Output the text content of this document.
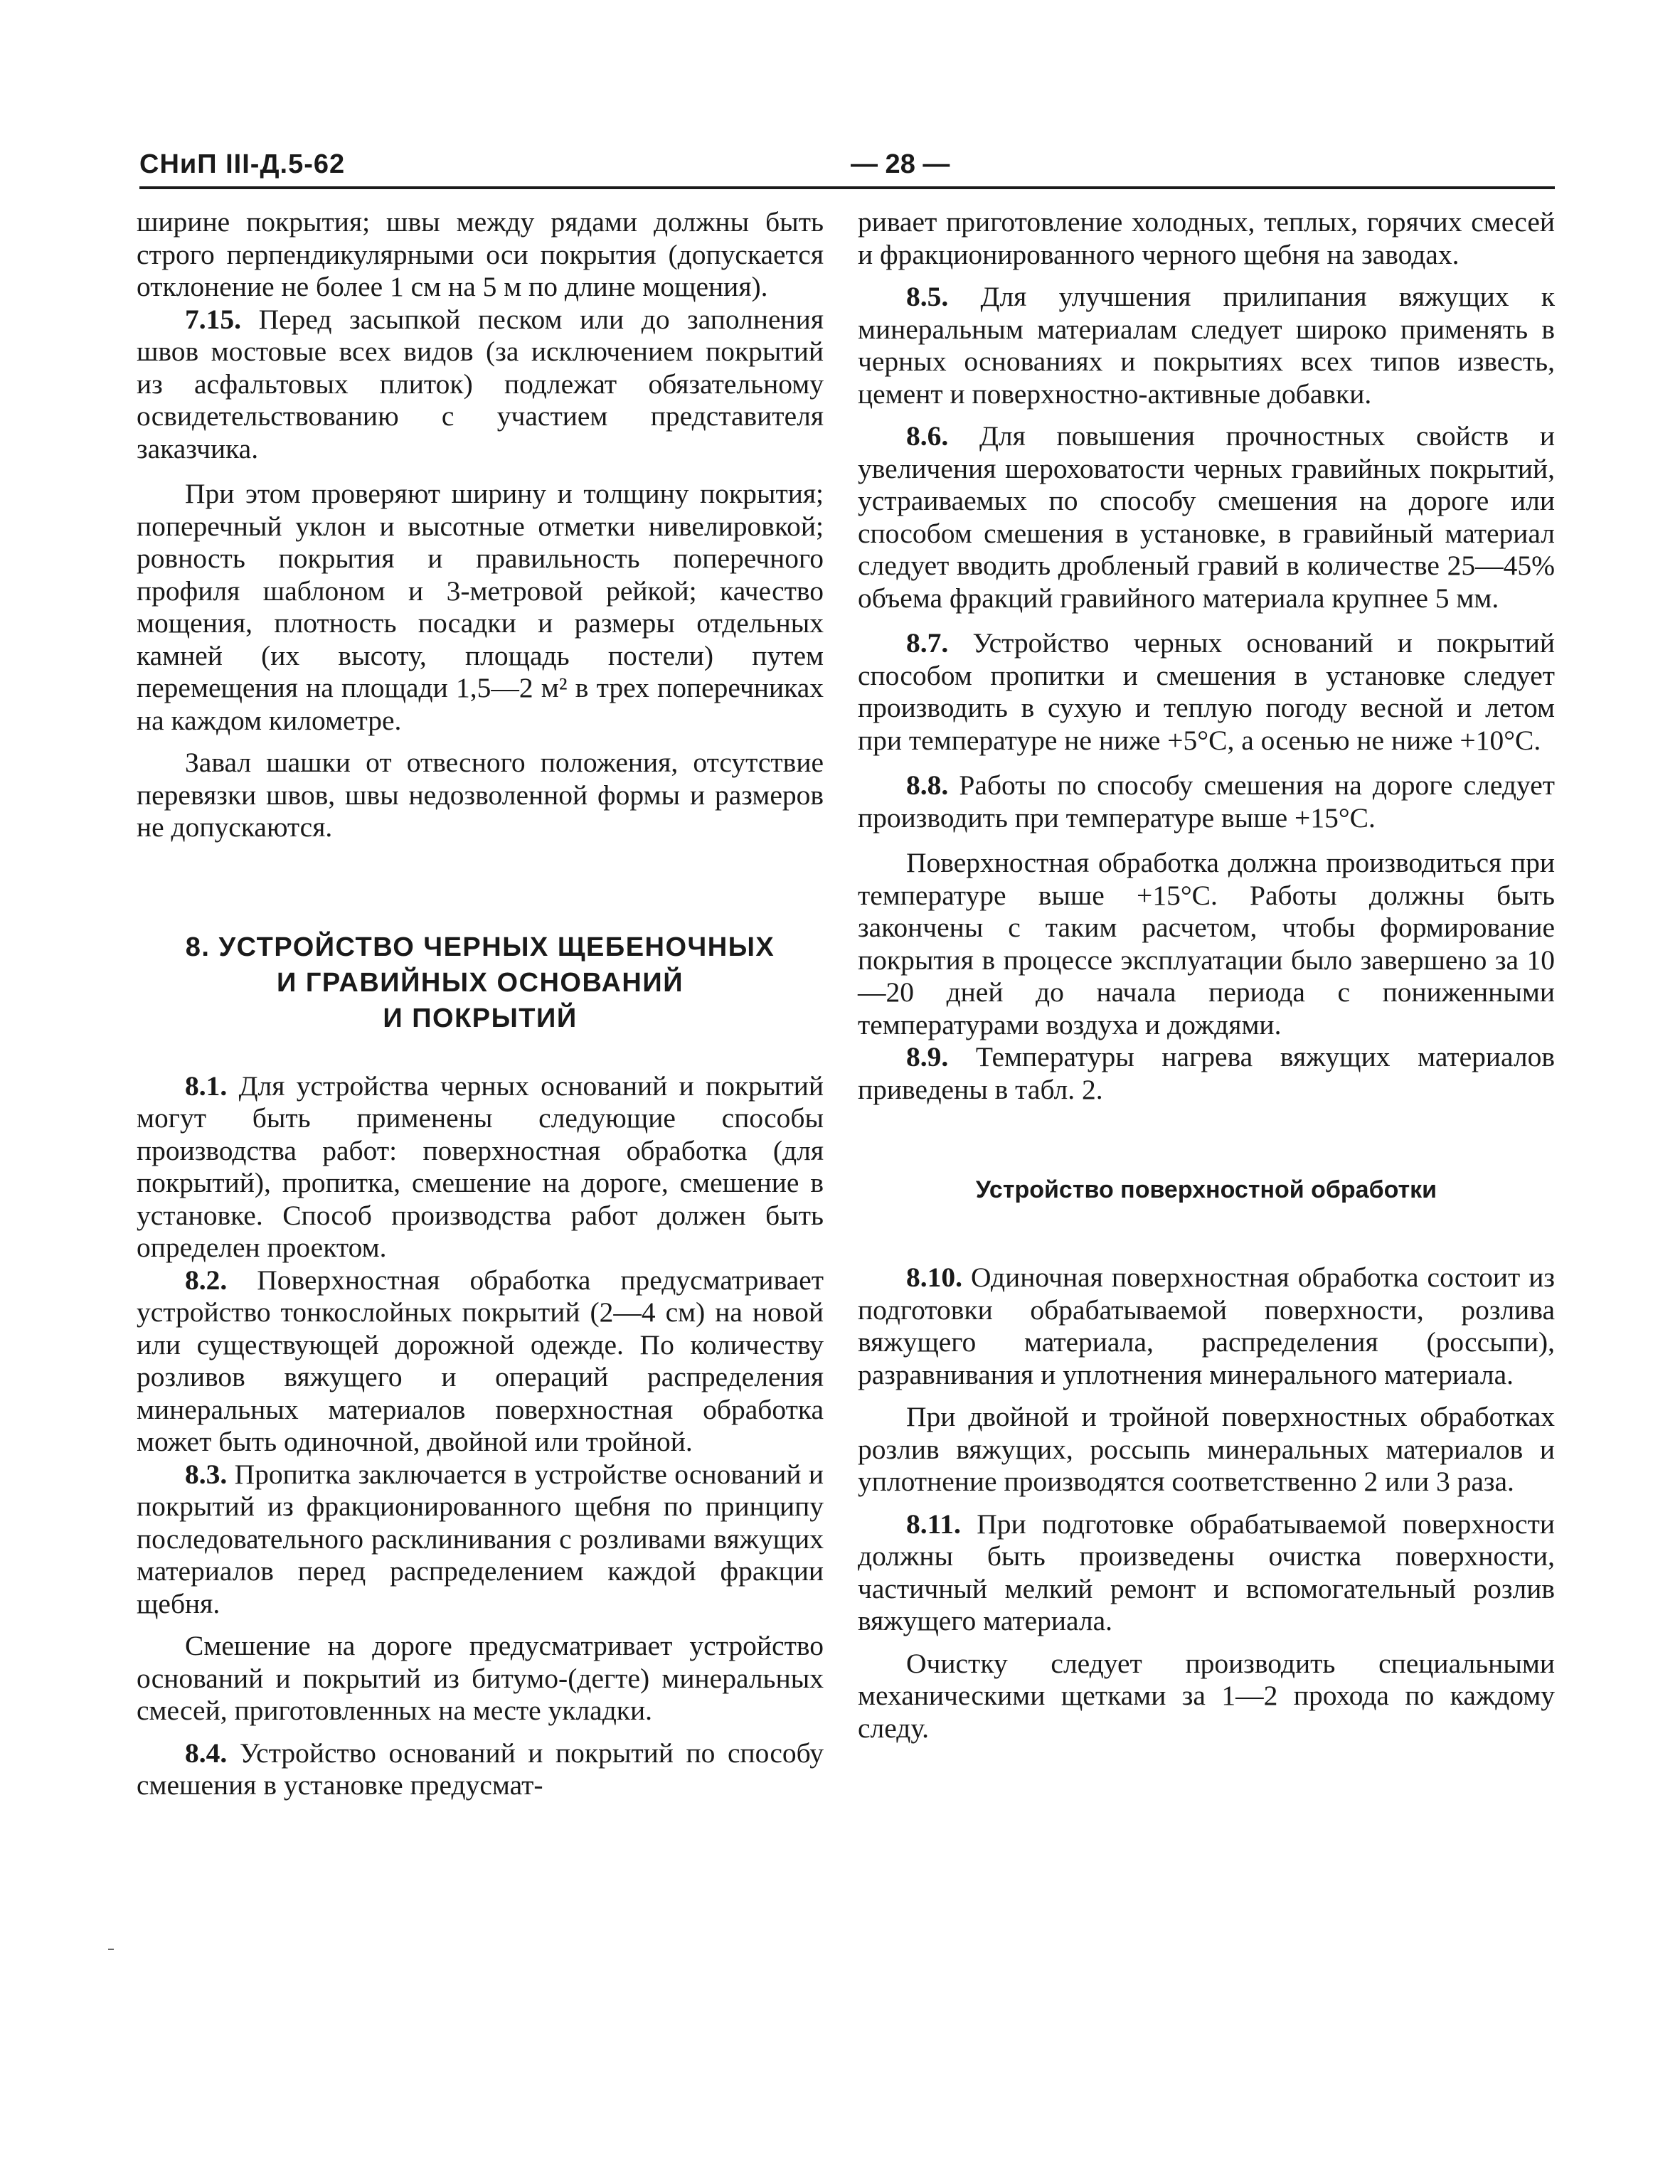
СНиП III-Д.5-62	— 28 —

ширине покрытия; швы между рядами должны быть строго перпендикулярными оси покрытия (допускается отклонение не более 1 см на 5 м по длине мощения).

7.15. Перед засыпкой песком или до заполнения швов мостовые всех видов (за исключением покрытий из асфальтовых плиток) подлежат обязательному освидетельствованию с участием представителя заказчика.

При этом проверяют ширину и толщину покрытия; поперечный уклон и высотные отметки нивелировкой; ровность покрытия и правильность поперечного профиля шаблоном и 3-метровой рейкой; качество мощения, плотность посадки и размеры отдельных камней (их высоту, площадь постели) путем перемещения на площади 1,5—2 м² в трех поперечниках на каждом километре.

Завал шашки от отвесного положения, отсутствие перевязки швов, швы недозволенной формы и размеров не допускаются.

8. УСТРОЙСТВО ЧЕРНЫХ ЩЕБЕНОЧНЫХ
И ГРАВИЙНЫХ ОСНОВАНИЙ
И ПОКРЫТИЙ

8.1. Для устройства черных оснований и покрытий могут быть применены следующие способы производства работ: поверхностная обработка (для покрытий), пропитка, смешение на дороге, смешение в установке. Способ производства работ должен быть определен проектом.

8.2. Поверхностная обработка предусматривает устройство тонкослойных покрытий (2—4 см) на новой или существующей дорожной одежде. По количеству розливов вяжущего и операций распределения минеральных материалов поверхностная обработка может быть одиночной, двойной или тройной.

8.3. Пропитка заключается в устройстве оснований и покрытий из фракционированного щебня по принципу последовательного расклинивания с розливами вяжущих материалов перед распределением каждой фракции щебня.

Смешение на дороге предусматривает устройство оснований и покрытий из битумо-(дегте) минеральных смесей, приготовленных на месте укладки.

8.4. Устройство оснований и покрытий по способу смешения в установке предусмат-

ривает приготовление холодных, теплых, горячих смесей и фракционированного черного щебня на заводах.

8.5. Для улучшения прилипания вяжущих к минеральным материалам следует широко применять в черных основаниях и покрытиях всех типов известь, цемент и поверхностно-активные добавки.

8.6. Для повышения прочностных свойств и увеличения шероховатости черных гравийных покрытий, устраиваемых по способу смешения на дороге или способом смешения в установке, в гравийный материал следует вводить дробленый гравий в количестве 25—45% объема фракций гравийного материала крупнее 5 мм.

8.7. Устройство черных оснований и покрытий способом пропитки и смешения в установке следует производить в сухую и теплую погоду весной и летом при температуре не ниже +5°C, а осенью не ниже +10°C.

8.8. Работы по способу смешения на дороге следует производить при температуре выше +15°C.

Поверхностная обработка должна производиться при температуре выше +15°C. Работы должны быть закончены с таким расчетом, чтобы формирование покрытия в процессе эксплуатации было завершено за 10—20 дней до начала периода с пониженными температурами воздуха и дождями.

8.9. Температуры нагрева вяжущих материалов приведены в табл. 2.

Устройство поверхностной обработки

8.10. Одиночная поверхностная обработка состоит из подготовки обрабатываемой поверхности, розлива вяжущего материала, распределения (россыпи), разравнивания и уплотнения минерального материала.

При двойной и тройной поверхностных обработках розлив вяжущих, россыпь минеральных материалов и уплотнение производятся соответственно 2 или 3 раза.

8.11. При подготовке обрабатываемой поверхности должны быть произведены очистка поверхности, частичный мелкий ремонт и вспомогательный розлив вяжущего материала.

Очистку следует производить специальными механическими щетками за 1—2 прохода по каждому следу.
